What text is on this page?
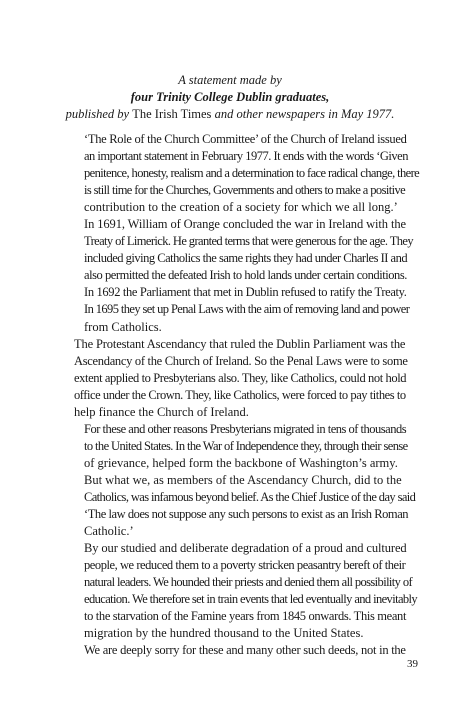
A statement made by
four Trinity College Dublin graduates,
published by The Irish Times and other newspapers in May 1977.

‘The Role of the Church Committee’ of the Church of Ireland issued
an important statement in February 1977. It ends with the words ‘Given
penitence, honesty, realism and a determination to face radical change, there
is still time for the Churches, Governments and others to make a positive
contribution to the creation of a society for which we all long.’

In 1691, William of Orange concluded the war in Ireland with the
Treaty of Limerick. He granted terms that were generous for the age. They
included giving Catholics the same rights they had under Charles II and
also permitted the defeated Irish to hold lands under certain conditions.

In 1692 the Parliament that met in Dublin refused to ratify the Treaty.
In 1695 they set up Penal Laws with the aim of removing land and power
from Catholics.

The Protestant Ascendancy that ruled the Dublin Parliament was the
Ascendancy of the Church of Ireland. So the Penal Laws were to some
extent applied to Presbyterians also. They, like Catholics, could not hold
office under the Crown. They, like Catholics, were forced to pay tithes to
help finance the Church of Ireland.

For these and other reasons Presbyterians migrated in tens of thousands
to the United States. In the War of Independence they, through their sense
of grievance, helped form the backbone of Washington’s army.

But what we, as members of the Ascendancy Church, did to the
Catholics, was infamous beyond belief. As the Chief Justice of the day said
‘The law does not suppose any such persons to exist as an Irish Roman
Catholic.’

By our studied and deliberate degradation of a proud and cultured
people, we reduced them to a poverty stricken peasantry bereft of their
natural leaders. We hounded their priests and denied them all possibility of
education. We therefore set in train events that led eventually and inevitably
to the starvation of the Famine years from 1845 onwards. This meant
migration by the hundred thousand to the United States.

We are deeply sorry for these and many other such deeds, not in the

39
